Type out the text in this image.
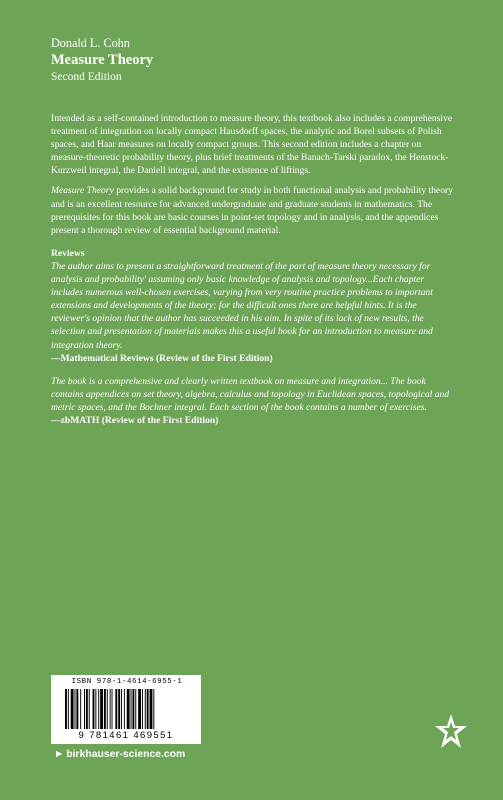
Donald L. Cohn
Measure Theory
Second Edition

Intended as a self-contained introduction to measure theory, this textbook also includes a comprehensive treatment of integration on locally compact Hausdorff spaces, the analytic and Borel subsets of Polish spaces, and Haar measures on locally compact groups. This second edition includes a chapter on measure-theoretic probability theory, plus brief treatments of the Banach-Tarski paradox, the Henstock-Kurzweil integral, the Daniell integral, and the existence of liftings.

Measure Theory provides a solid background for study in both functional analysis and probability theory and is an excellent resource for advanced undergraduate and graduate students in mathematics. The prerequisites for this book are basic courses in point-set topology and in analysis, and the appendices present a thorough review of essential background material.

Reviews

The author aims to present a straightforward treatment of the part of measure theory necessary for analysis and probability' assuming only basic knowledge of analysis and topology...Each chapter includes numerous well-chosen exercises, varying from very routine practice problems to important extensions and developments of the theory; for the difficult ones there are helpful hints. It is the reviewer's opinion that the author has succeeded in his aim. In spite of its lack of new results, the selection and presentation of materials makes this a useful book for an introduction to measure and integration theory.

—Mathematical Reviews (Review of the First Edition)

The book is a comprehensive and clearly written textbook on measure and integration... The book contains appendices on set theory, algebra, calculus and topology in Euclidean spaces, topological and metric spaces, and the Bochner integral. Each section of the book contains a number of exercises.

—zbMATH (Review of the First Edition)

ISBN 978-1-4614-6955-1
9 781461 469551
► birkhauser-science.com
